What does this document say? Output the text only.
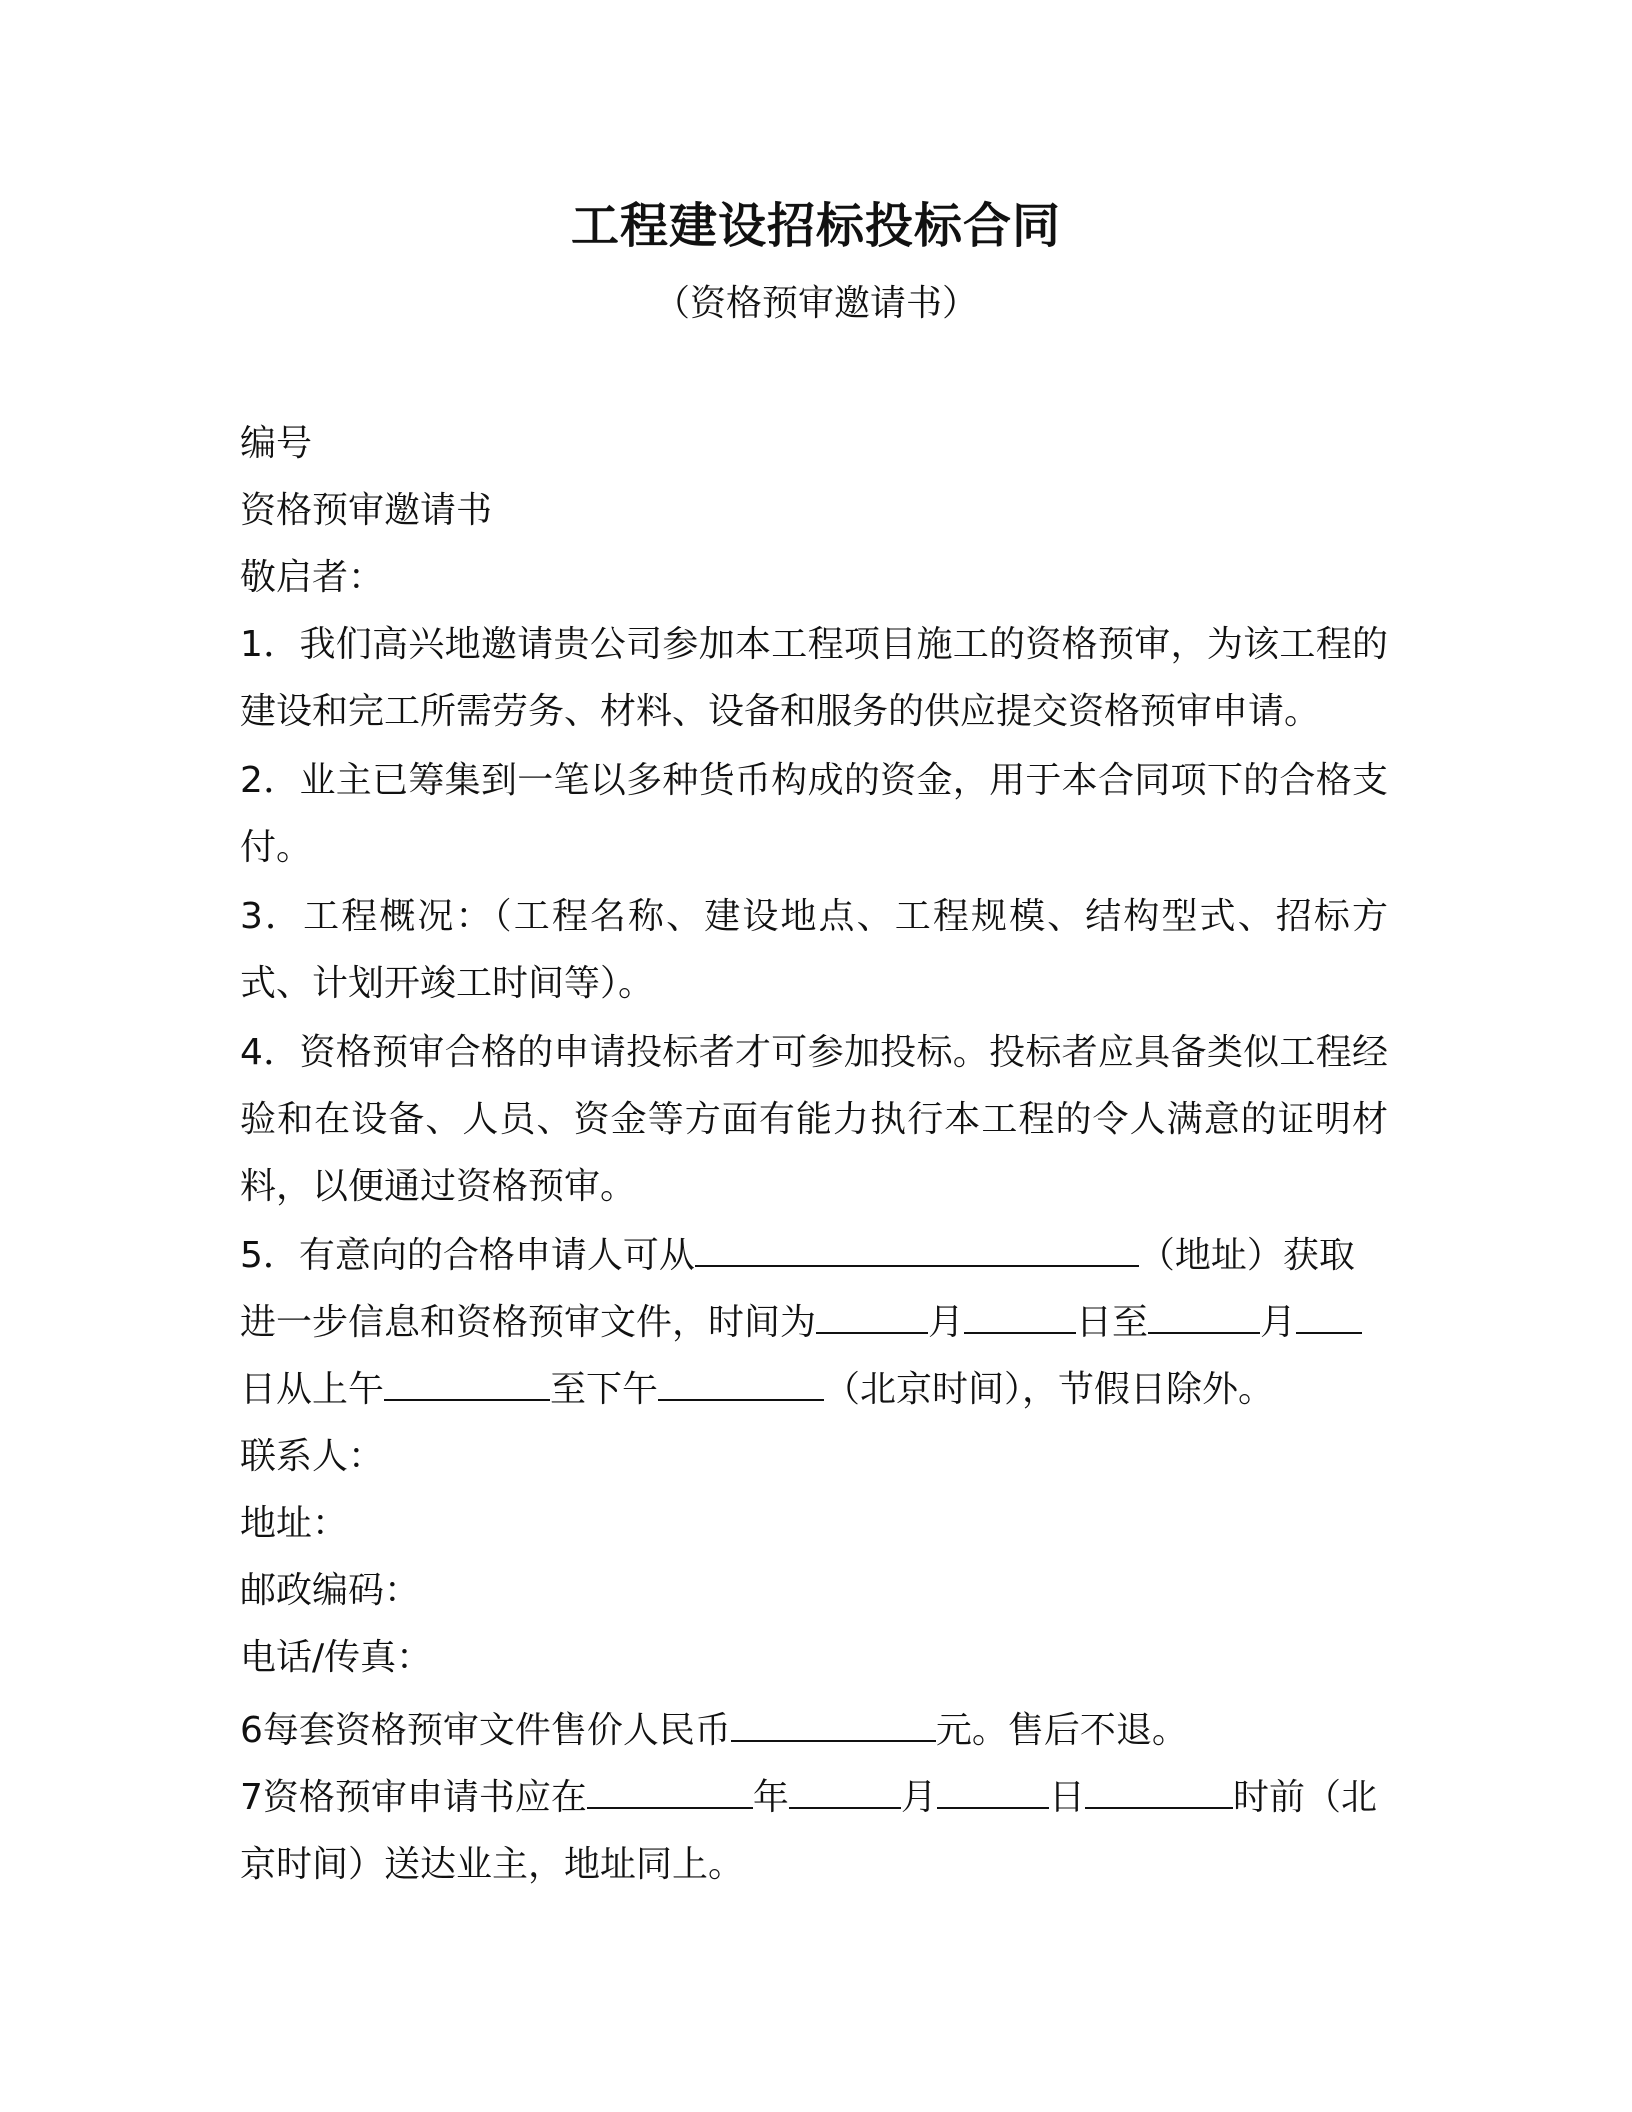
工程建设招标投标合同
（资格预审邀请书）
编号
资格预审邀请书
敬启者：
1．我们高兴地邀请贵公司参加本工程项目施工的资格预审，为该工程的建设和完工所需劳务、材料、设备和服务的供应提交资格预审申请。
2．业主已筹集到一笔以多种货币构成的资金，用于本合同项下的合格支付。
3．工程概况：（工程名称、建设地点、工程规模、结构型式、招标方式、计划开竣工时间等）。
4．资格预审合格的申请投标者才可参加投标。投标者应具备类似工程经验和在设备、人员、资金等方面有能力执行本工程的令人满意的证明材料，以便通过资格预审。
5．有意向的合格申请人可从	（地址）获取
进一步信息和资格预审文件，时间为	月	日至	月
日从上午	至下午	（北京时间），节假日除外。
联系人：
地址：
邮政编码：
电话/传真：
6每套资格预审文件售价人民币	元。售后不退。
7资格预审申请书应在	年	月	日	时前（北
京时间）送达业主，地址同上。
